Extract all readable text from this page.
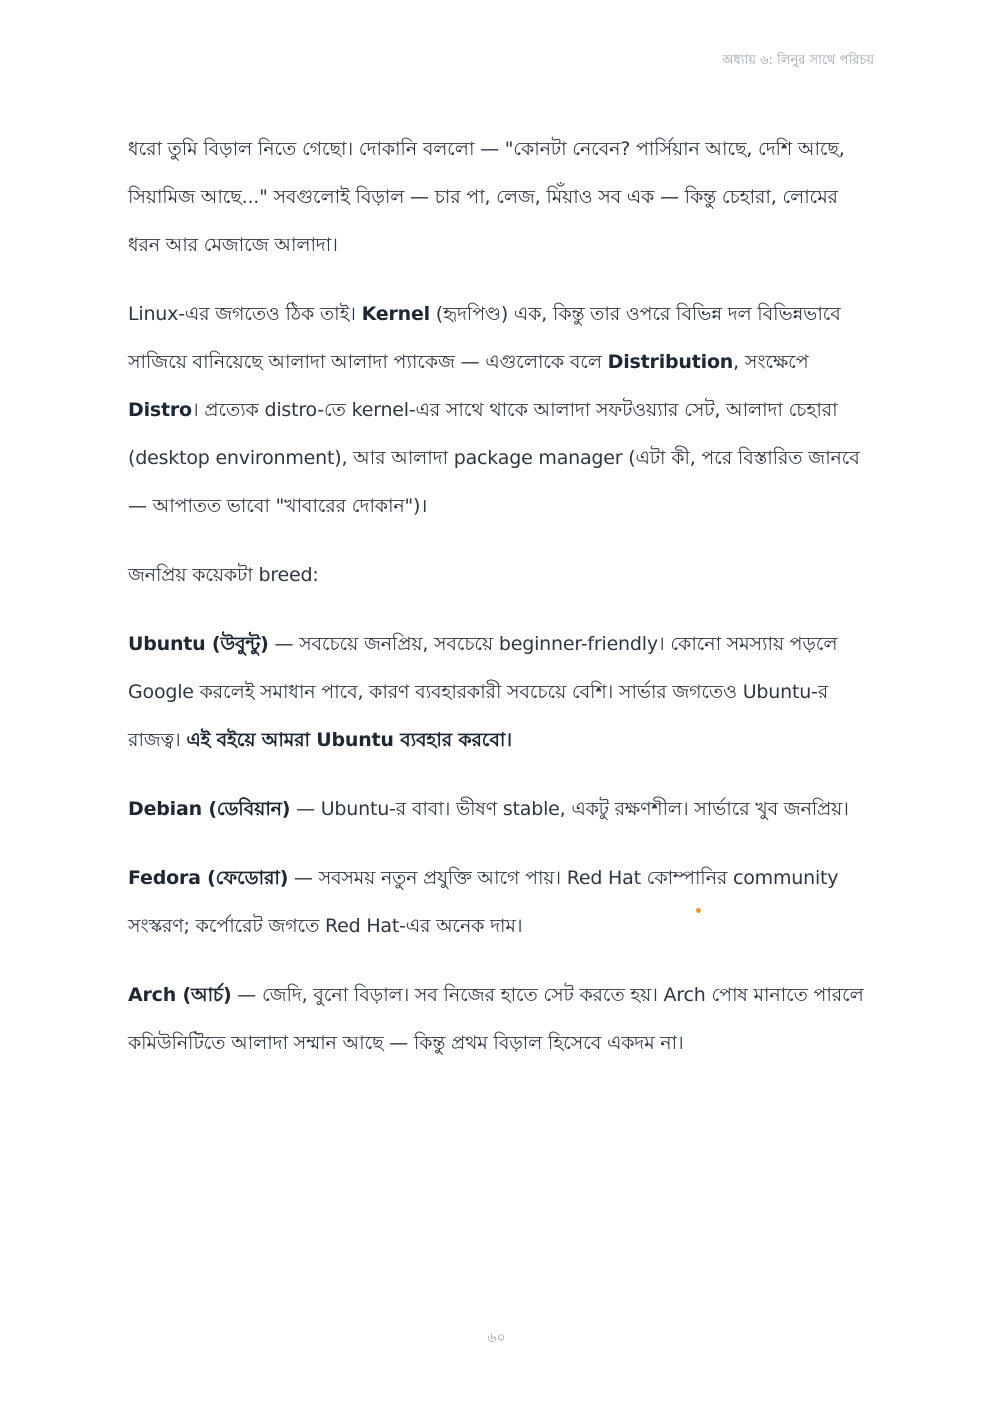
অধ্যায় ৬: লিনুর সাথে পরিচয়

ধরো তুমি বিড়াল নিতে গেছো। দোকানি বললো — "কোনটা নেবেন? পার্সিয়ান আছে, দেশি আছে, সিয়ামিজ আছে..." সবগুলোই বিড়াল — চার পা, লেজ, মিঁয়াও সব এক — কিন্তু চেহারা, লোমের ধরন আর মেজাজে আলাদা।

Linux-এর জগতেও ঠিক তাই। Kernel (হৃদপিণ্ড) এক, কিন্তু তার ওপরে বিভিন্ন দল বিভিন্নভাবে সাজিয়ে বানিয়েছে আলাদা আলাদা প্যাকেজ — এগুলোকে বলে Distribution, সংক্ষেপে Distro। প্রত্যেক distro-তে kernel-এর সাথে থাকে আলাদা সফটওয়্যার সেট, আলাদা চেহারা (desktop environment), আর আলাদা package manager (এটা কী, পরে বিস্তারিত জানবে — আপাতত ভাবো "খাবারের দোকান")।

জনপ্রিয় কয়েকটা breed:

Ubuntu (উবুন্টু) — সবচেয়ে জনপ্রিয়, সবচেয়ে beginner-friendly। কোনো সমস্যায় পড়লে Google করলেই সমাধান পাবে, কারণ ব্যবহারকারী সবচেয়ে বেশি। সার্ভার জগতেও Ubuntu-র রাজত্ব। এই বইয়ে আমরা Ubuntu ব্যবহার করবো।

Debian (ডেবিয়ান) — Ubuntu-র বাবা। ভীষণ stable, একটু রক্ষণশীল। সার্ভারে খুব জনপ্রিয়।

Fedora (ফেডোরা) — সবসময় নতুন প্রযুক্তি আগে পায়। Red Hat কোম্পানির community সংস্করণ; কর্পোরেট জগতে Red Hat-এর অনেক দাম।

Arch (আর্চ) — জেদি, বুনো বিড়াল। সব নিজের হাতে সেট করতে হয়। Arch পোষ মানাতে পারলে কমিউনিটিতে আলাদা সম্মান আছে — কিন্তু প্রথম বিড়াল হিসেবে একদম না।

৬০
